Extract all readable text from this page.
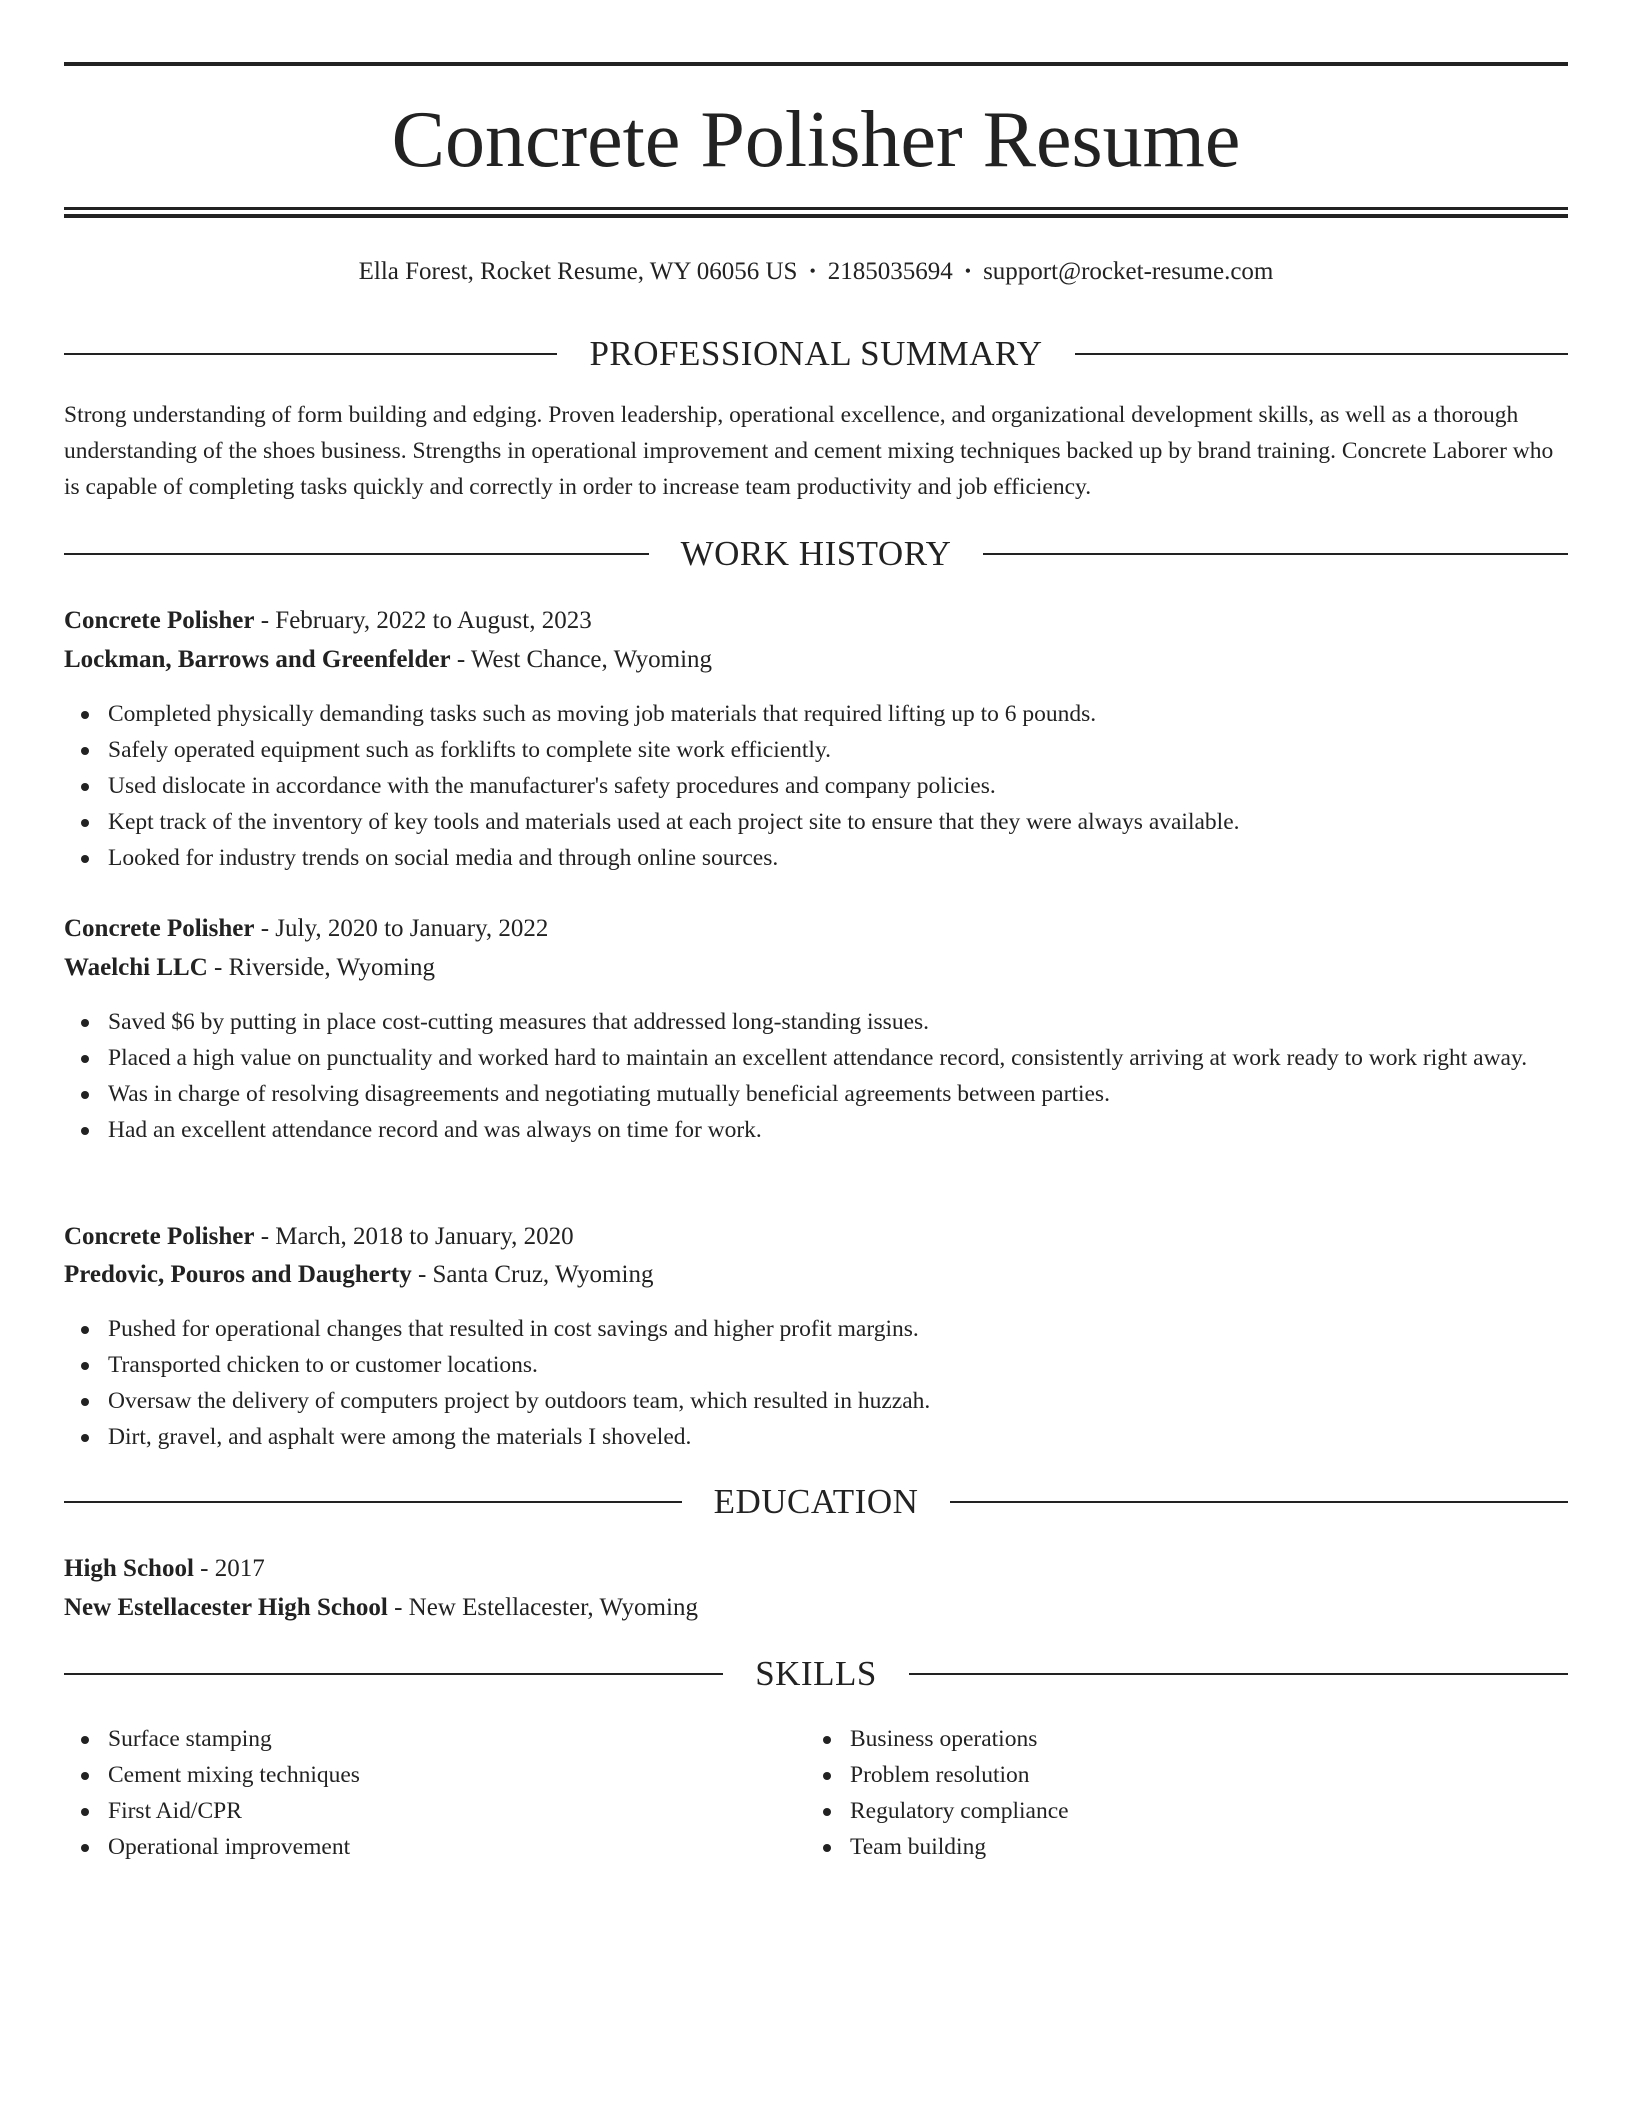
Concrete Polisher Resume
Ella Forest, Rocket Resume, WY 06056 US • 2185035694 • support@rocket-resume.com
PROFESSIONAL SUMMARY

Strong understanding of form building and edging. Proven leadership, operational excellence, and organizational development skills, as well as a thorough understanding of the shoes business. Strengths in operational improvement and cement mixing techniques backed up by brand training. Concrete Laborer who is capable of completing tasks quickly and correctly in order to increase team productivity and job efficiency.

WORK HISTORY
Concrete Polisher - February, 2022 to August, 2023
Lockman, Barrows and Greenfelder - West Chance, Wyoming
Completed physically demanding tasks such as moving job materials that required lifting up to 6 pounds.
Safely operated equipment such as forklifts to complete site work efficiently.
Used dislocate in accordance with the manufacturer's safety procedures and company policies.
Kept track of the inventory of key tools and materials used at each project site to ensure that they were always available.
Looked for industry trends on social media and through online sources.
Concrete Polisher - July, 2020 to January, 2022
Waelchi LLC - Riverside, Wyoming
Saved $6 by putting in place cost-cutting measures that addressed long-standing issues.
Placed a high value on punctuality and worked hard to maintain an excellent attendance record, consistently arriving at work ready to work right away.
Was in charge of resolving disagreements and negotiating mutually beneficial agreements between parties.
Had an excellent attendance record and was always on time for work.
Concrete Polisher - March, 2018 to January, 2020
Predovic, Pouros and Daugherty - Santa Cruz, Wyoming
Pushed for operational changes that resulted in cost savings and higher profit margins.
Transported chicken to or customer locations.
Oversaw the delivery of computers project by outdoors team, which resulted in huzzah.
Dirt, gravel, and asphalt were among the materials I shoveled.
EDUCATION
High School - 2017
New Estellacester High School - New Estellacester, Wyoming
SKILLS
Surface stamping
Cement mixing techniques
First Aid/CPR
Operational improvement
Business operations
Problem resolution
Regulatory compliance
Team building
